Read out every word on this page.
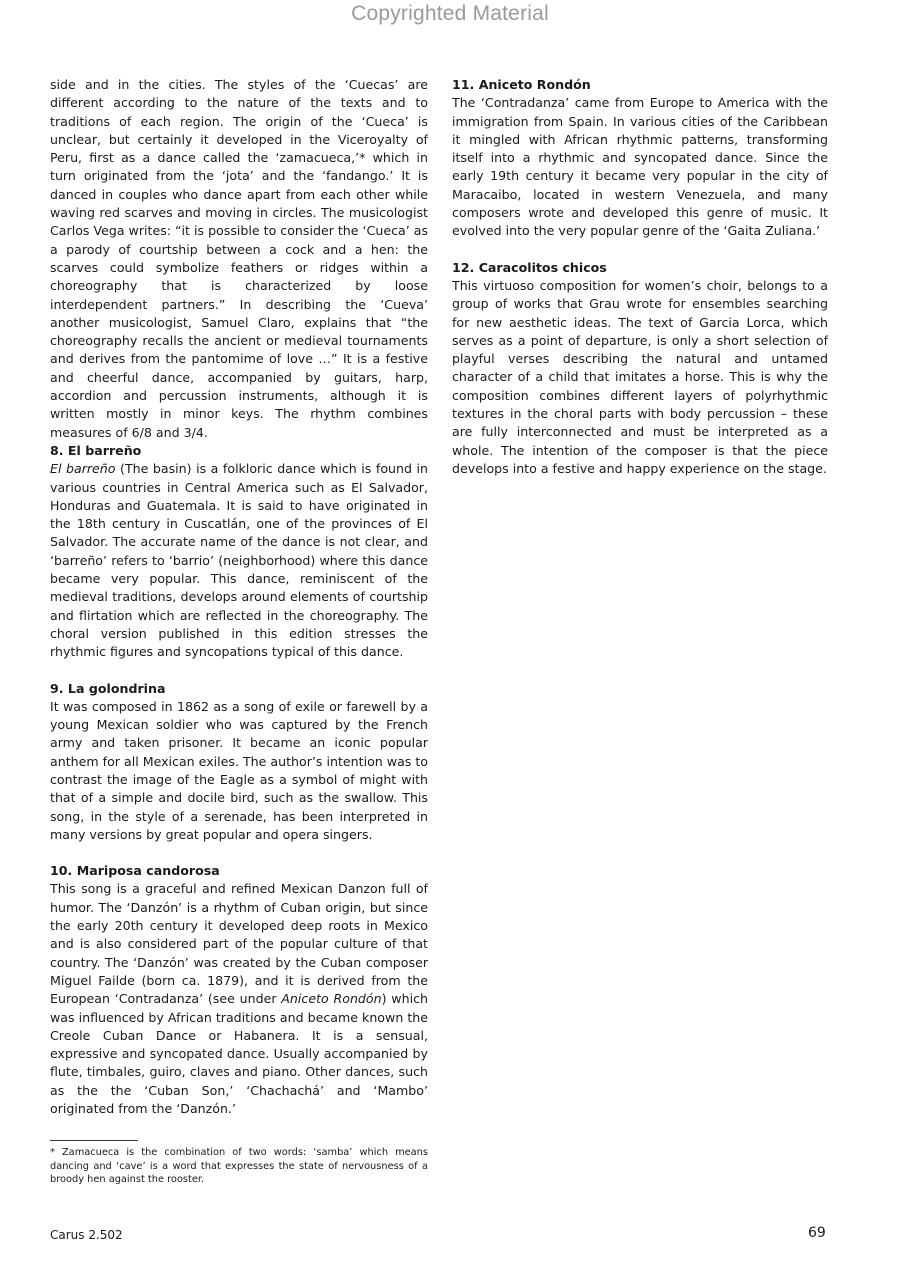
Copyrighted Material

side and in the cities. The styles of the ‘Cuecas’ are different according to the nature of the texts and to traditions of each region. The origin of the ‘Cueca’ is unclear, but certainly it developed in the Viceroyalty of Peru, first as a dance called the ‘zamacueca,’* which in turn originated from the ‘jota’ and the ‘fandango.’ It is danced in couples who dance apart from each other while waving red scarves and moving in circles. The musicologist Carlos Vega writes: “it is possible to consider the ‘Cueca’ as a parody of courtship between a cock and a hen: the scarves could symbolize feathers or ridges within a choreography that is characterized by loose interdependent partners.” In describing the ‘Cueva’ another musicologist, Samuel Claro, explains that “the choreography recalls the ancient or medieval tournaments and derives from the pantomime of love …” It is a festive and cheerful dance, accompanied by guitars, harp, accordion and percussion instruments, although it is written mostly in minor keys. The rhythm combines measures of 6/8 and 3/4.

8. El barreño

El barreño (The basin) is a folkloric dance which is found in various countries in Central America such as El Salvador, Honduras and Guatemala. It is said to have originated in the 18th century in Cuscatlán, one of the provinces of El Salvador. The accurate name of the dance is not clear, and ‘barreño’ refers to ‘barrio’ (neighborhood) where this dance became very popular. This dance, reminiscent of the medieval traditions, develops around elements of courtship and flirtation which are reflected in the choreography. The choral version published in this edition stresses the rhythmic figures and syncopations typical of this dance.

9. La golondrina

It was composed in 1862 as a song of exile or farewell by a young Mexican soldier who was captured by the French army and taken prisoner. It became an iconic popular anthem for all Mexican exiles. The author’s intention was to contrast the image of the Eagle as a symbol of might with that of a simple and docile bird, such as the swallow. This song, in the style of a serenade, has been interpreted in many versions by great popular and opera singers.

10. Mariposa candorosa

This song is a graceful and refined Mexican Danzon full of humor. The ‘Danzón’ is a rhythm of Cuban origin, but since the early 20th century it developed deep roots in Mexico and is also considered part of the popular culture of that country. The ‘Danzón’ was created by the Cuban composer Miguel Failde (born ca. 1879), and it is derived from the European ‘Contradanza’ (see under Aniceto Rondón) which was influenced by African traditions and became known the Creole Cuban Dance or Habanera. It is a sensual, expressive and syncopated dance. Usually accompanied by flute, timbales, guiro, claves and piano. Other dances, such as the the ‘Cuban Son,’ ‘Chachachá’ and ‘Mambo’ originated from the ‘Danzón.’

11. Aniceto Rondón

The ‘Contradanza’ came from Europe to America with the immigration from Spain. In various cities of the Caribbean it mingled with African rhythmic patterns, transforming itself into a rhythmic and syncopated dance. Since the early 19th century it became very popular in the city of Maracaibo, located in western Venezuela, and many composers wrote and developed this genre of music. It evolved into the very popular genre of the ‘Gaita Zuliana.’

12. Caracolitos chicos

This virtuoso composition for women’s choir, belongs to a group of works that Grau wrote for ensembles searching for new aesthetic ideas. The text of Garcia Lorca, which serves as a point of departure, is only a short selection of playful verses describing the natural and untamed character of a child that imitates a horse. This is why the composition combines different layers of polyrhythmic textures in the choral parts with body percussion – these are fully interconnected and must be interpreted as a whole. The intention of the composer is that the piece develops into a festive and happy experience on the stage.

* Zamacueca is the combination of two words: ‘samba’ which means dancing and ‘cave’ is a word that expresses the state of nervousness of a broody hen against the rooster.
Carus 2.502	69
